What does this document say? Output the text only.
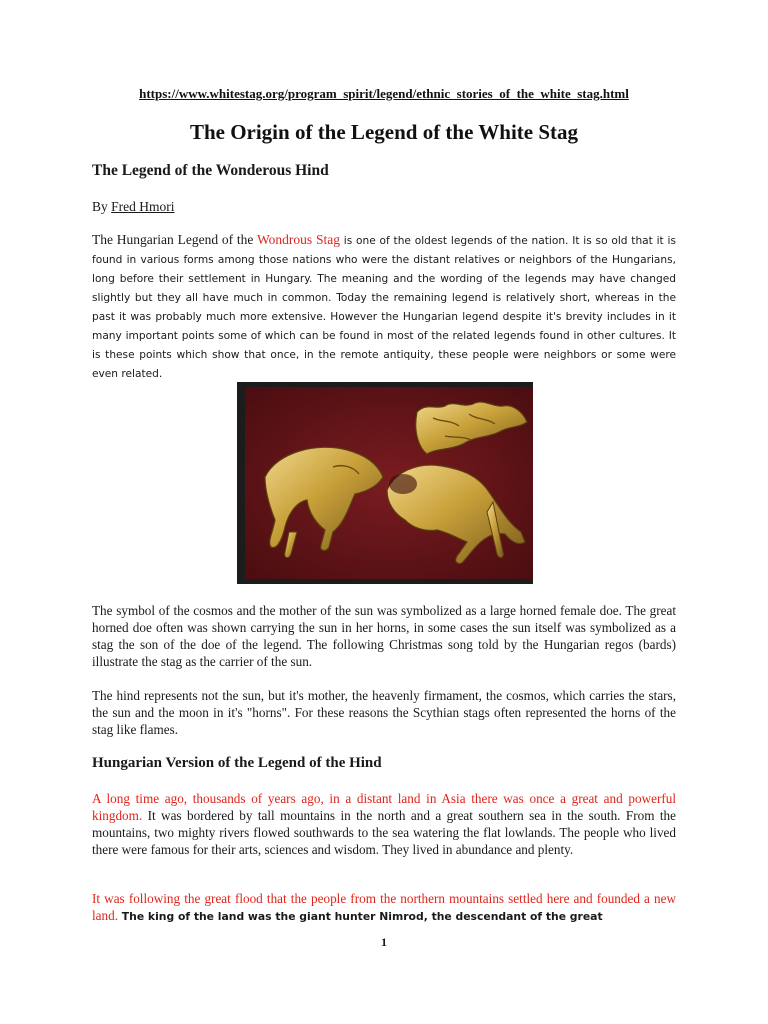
https://www.whitestag.org/program_spirit/legend/ethnic_stories_of_the_white_stag.html
The Origin of the Legend of the White Stag
The Legend of the Wonderous Hind
By Fred Hmori
The Hungarian Legend of the Wondrous Stag is one of the oldest legends of the nation. It is so old that it is found in various forms among those nations who were the distant relatives or neighbors of the Hungarians, long before their settlement in Hungary. The meaning and the wording of the legends may have changed slightly but they all have much in common. Today the remaining legend is relatively short, whereas in the past it was probably much more extensive. However the Hungarian legend despite it's brevity includes in it many important points some of which can be found in most of the related legends found in other cultures. It is these points which show that once, in the remote antiquity, these people were neighbors or some were even related.
The symbol of the cosmos and the mother of the sun was symbolized as a large horned female doe. The great horned doe often was shown carrying the sun in her horns, in some cases the sun itself was symbolized as a stag the son of the doe of the legend. The following Christmas song told by the Hungarian regos (bards) illustrate the stag as the carrier of the sun.
The hind represents not the sun, but it's mother, the heavenly firmament, the cosmos, which carries the stars, the sun and the moon in it's "horns". For these reasons the Scythian stags often represented the horns of the stag like flames.
Hungarian Version of the Legend of the Hind
A long time ago, thousands of years ago, in a distant land in Asia there was once a great and powerful kingdom. It was bordered by tall mountains in the north and a great southern sea in the south. From the mountains, two mighty rivers flowed southwards to the sea watering the flat lowlands. The people who lived there were famous for their arts, sciences and wisdom. They lived in abundance and plenty.
It was following the great flood that the people from the northern mountains settled here and founded a new land. The king of the land was the giant hunter Nimrod, the descendant of the great
1
